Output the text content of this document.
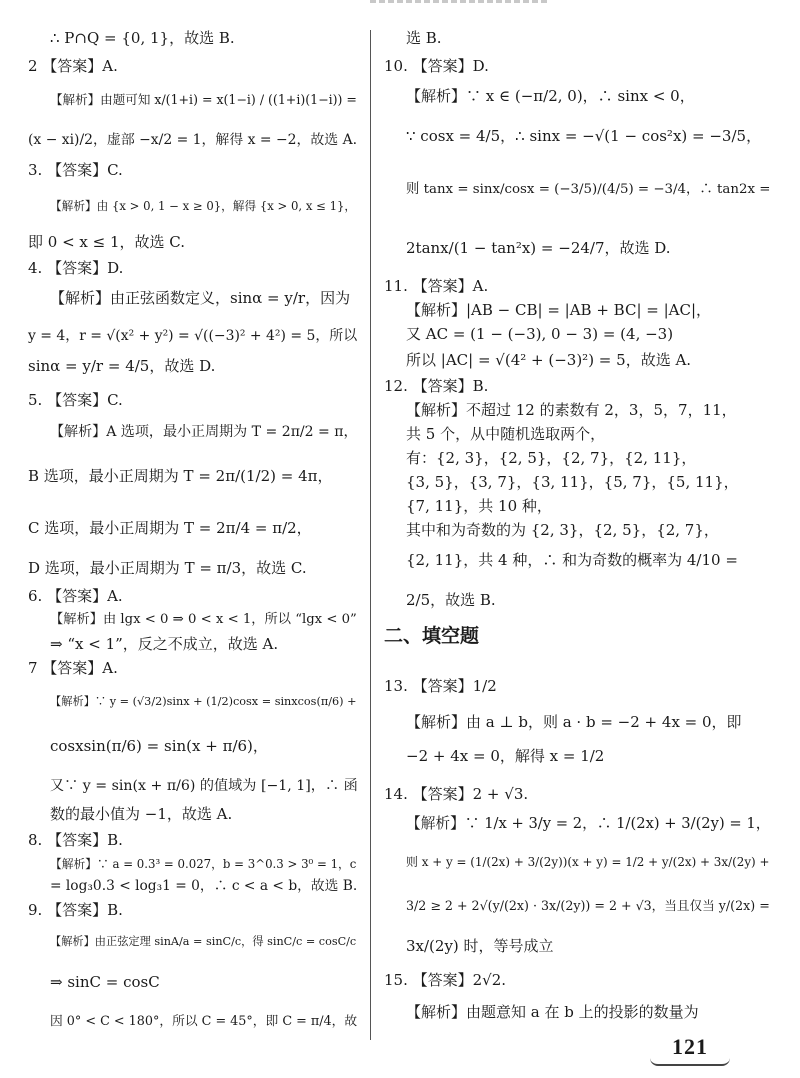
∴ P∩Q = {0, 1}，故选 B.
2 【答案】A.
【解析】由题可知 x/(1+i) = x(1−i) / ((1+i)(1−i)) =
(x − xi)/2，虚部 −x/2 = 1，解得 x = −2，故选 A.
3. 【答案】C.
【解析】由 {x > 0, 1 − x ≥ 0}，解得 {x > 0, x ≤ 1}，
即 0 < x ≤ 1，故选 C.
4. 【答案】D.
【解析】由正弦函数定义，sinα = y/r，因为
y = 4，r = √(x² + y²) = √((−3)² + 4²) = 5，所以
sinα = y/r = 4/5，故选 D.
5. 【答案】C.
【解析】A 选项，最小正周期为 T = 2π/2 = π，
B 选项，最小正周期为 T = 2π/(1/2) = 4π，
C 选项，最小正周期为 T = 2π/4 = π/2，
D 选项，最小正周期为 T = π/3，故选 C.
6. 【答案】A.
【解析】由 lgx < 0 ⇒ 0 < x < 1，所以 “lgx < 0”
⇒ “x < 1”，反之不成立，故选 A.
7 【答案】A.
【解析】∵ y = (√3/2)sinx + (1/2)cosx = sinxcos(π/6) +
cosxsin(π/6) = sin(x + π/6)，
又∵ y = sin(x + π/6) 的值域为 [−1, 1]，∴ 函
数的最小值为 −1，故选 A.
8. 【答案】B.
【解析】∵ a = 0.3³ = 0.027，b = 3^0.3 > 3⁰ = 1，c
= log₃0.3 < log₃1 = 0，∴ c < a < b，故选 B.
9. 【答案】B.
【解析】由正弦定理 sinA/a = sinC/c，得 sinC/c = cosC/c
⇒ sinC = cosC
因 0° < C < 180°，所以 C = 45°，即 C = π/4，故
二、填空题
选 B.
10. 【答案】D.
【解析】∵ x ∈ (−π/2, 0)，∴ sinx < 0，
∵ cosx = 4/5，∴ sinx = −√(1 − cos²x) = −3/5，
则 tanx = sinx/cosx = (−3/5)/(4/5) = −3/4，∴ tan2x =
2tanx/(1 − tan²x) = −24/7，故选 D.
11. 【答案】A.
【解析】|AB − CB| = |AB + BC| = |AC|，
又 AC = (1 − (−3), 0 − 3) = (4, −3)
所以 |AC| = √(4² + (−3)²) = 5，故选 A.
12. 【答案】B.
【解析】不超过 12 的素数有 2，3，5，7，11，
共 5 个，从中随机选取两个，
有：{2, 3}，{2, 5}，{2, 7}，{2, 11}，
{3, 5}，{3, 7}，{3, 11}，{5, 7}，{5, 11}，
{7, 11}，共 10 种，
其中和为奇数的为 {2, 3}，{2, 5}，{2, 7}，
{2, 11}，共 4 种，∴ 和为奇数的概率为 4/10 =
2/5，故选 B.
13. 【答案】1/2
【解析】由 a ⊥ b，则 a · b = −2 + 4x = 0，即
−2 + 4x = 0，解得 x = 1/2
14. 【答案】2 + √3.
【解析】∵ 1/x + 3/y = 2，∴ 1/(2x) + 3/(2y) = 1，
则 x + y = (1/(2x) + 3/(2y))(x + y) = 1/2 + y/(2x) + 3x/(2y) +
3/2 ≥ 2 + 2√(y/(2x) · 3x/(2y)) = 2 + √3，当且仅当 y/(2x) =
3x/(2y) 时，等号成立
15. 【答案】2√2.
【解析】由题意知 a 在 b 上的投影的数量为
121
